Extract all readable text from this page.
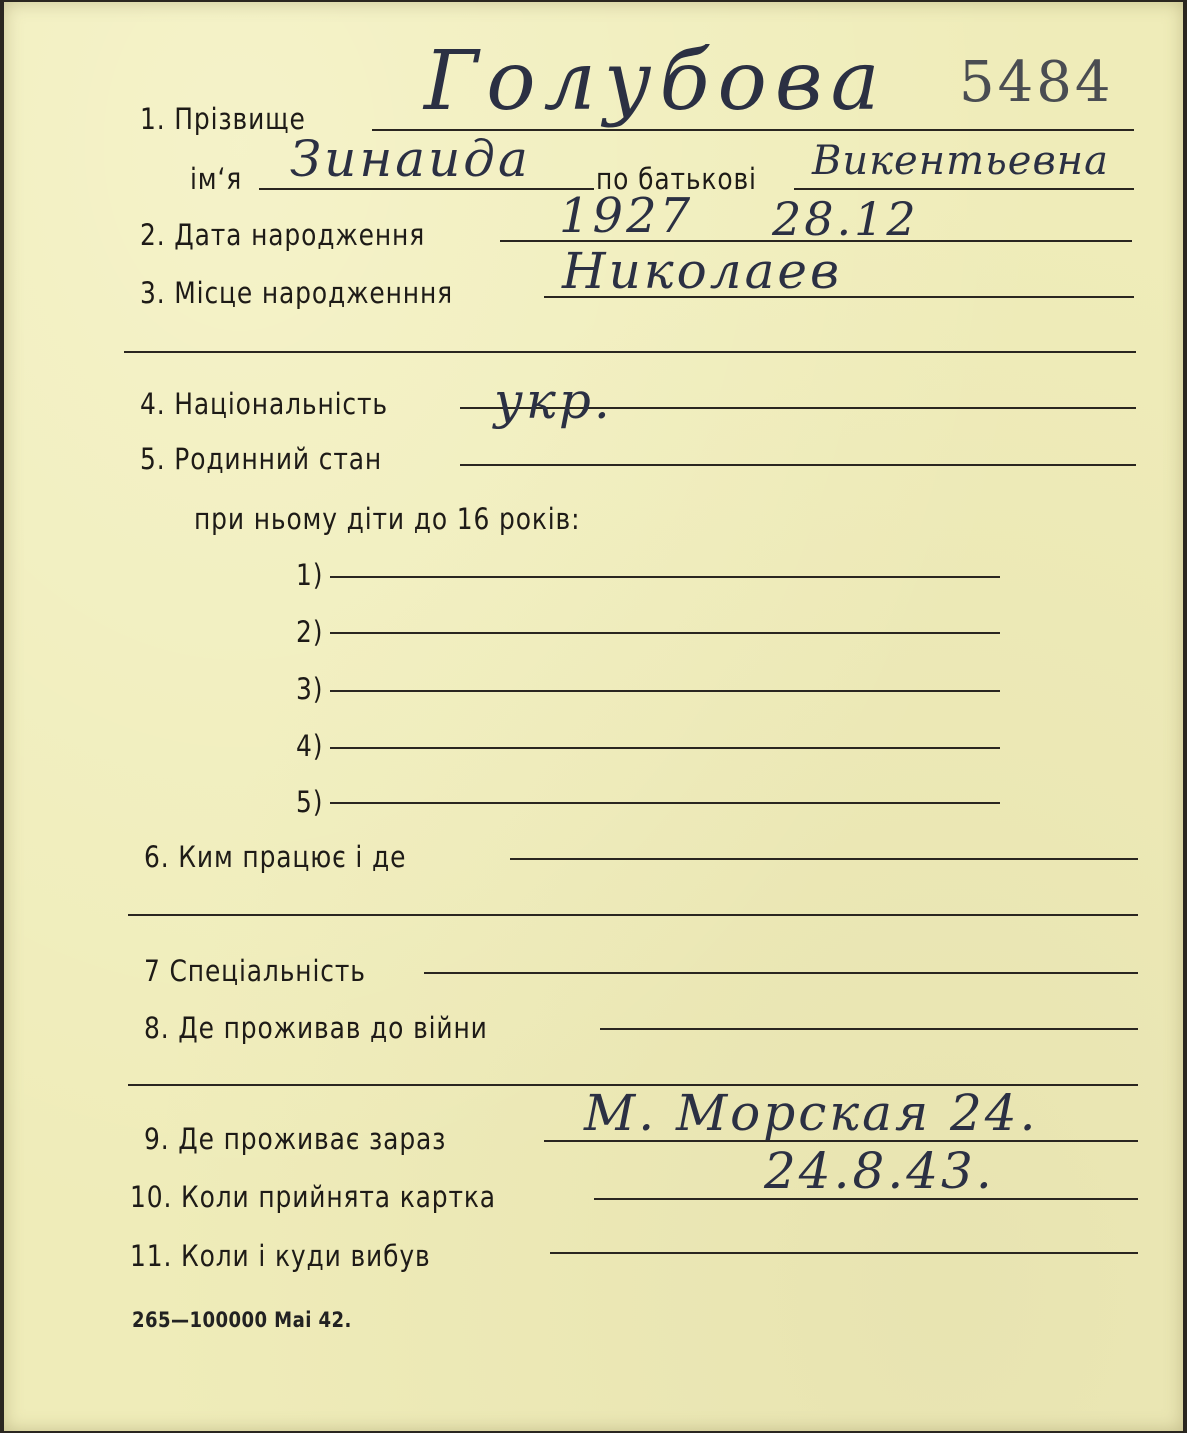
1. Прізвище Голубова 5484
ім‘я Зинаида по батькові Викентьевна
2. Дата народження	1927 28.12
3. Місце народженння Николаев
4. Національність укр.
5. Родинний стан
при ньому діти до 16 років:
1)
2)
3)
4)
5)
6. Ким працює і де
7 Спеціальність
8. Де проживав до війни
9. Де проживає зараз	М. Морская 24.
10. Коли прийнята картка	24.8.43.
11. Коли і куди вибув
265—100000 Mai 42.
